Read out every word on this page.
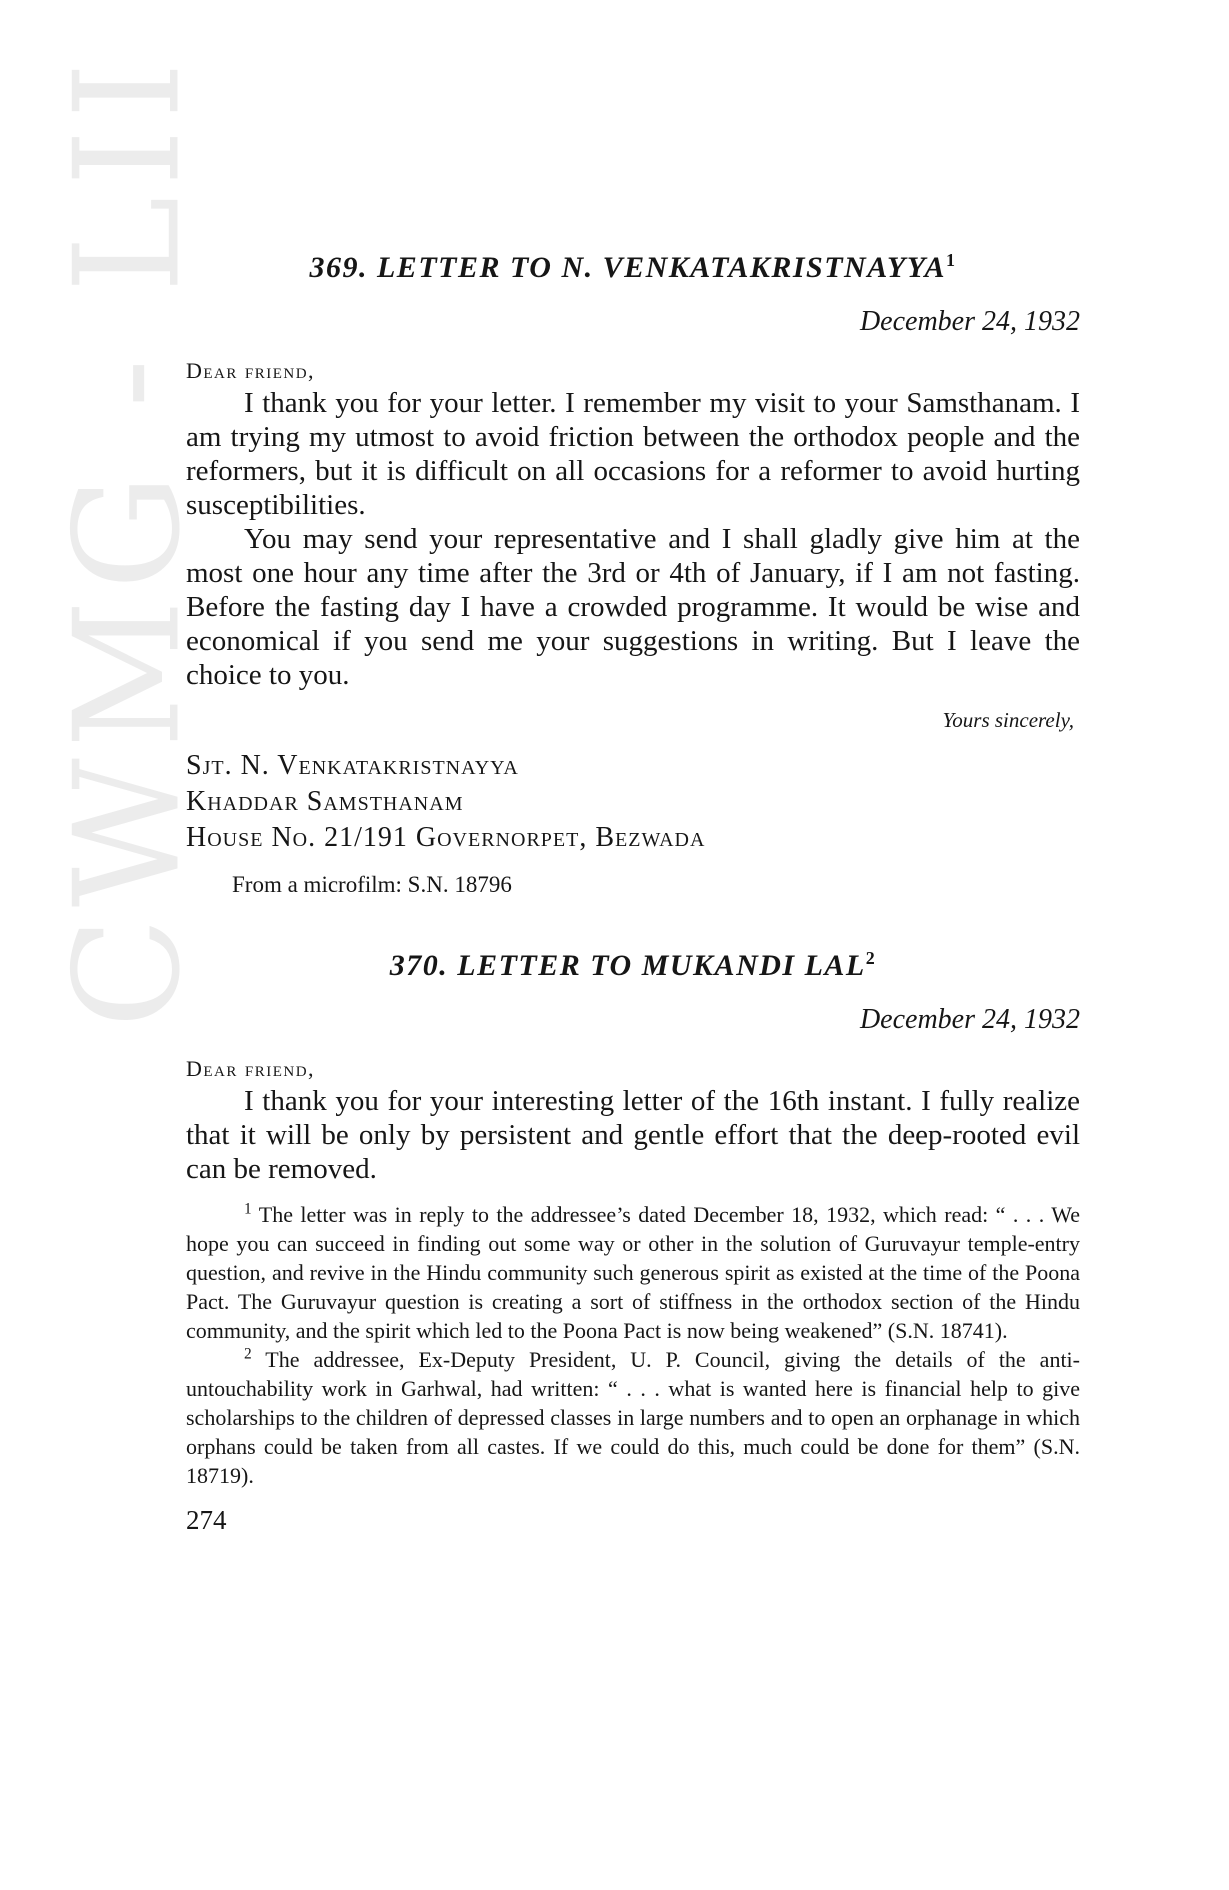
CWMG - LII	369. LETTER TO N. VENKATAKRISTNAYYA$^1$
December 24, 1932
Dear friend,

I thank you for your letter. I remember my visit to your Samsthanam. I am trying my utmost to avoid friction between the orthodox people and the reformers, but it is difficult on all occasions for a reformer to avoid hurting susceptibilities.

You may send your representative and I shall gladly give him at the most one hour any time after the 3rd or 4th of January, if I am not fasting. Before the fasting day I have a crowded programme. It would be wise and economical if you send me your suggestions in writing. But I leave the choice to you.

Yours sincerely,
Sjt. N. Venkatakristnayya
Khaddar Samsthanam
House No. 21/191 Governorpet, Bezwada
From a microfilm: S.N. 18796
370. LETTER TO MUKANDI LAL$^2$
December 24, 1932
Dear friend,

I thank you for your interesting letter of the 16th instant. I fully realize that it will be only by persistent and gentle effort that the deep-rooted evil can be removed.

$^1$ The letter was in reply to the addressee’s dated December 18, 1932, which read: “ . . . We hope you can succeed in finding out some way or other in the solution of Guruvayur temple-entry question, and revive in the Hindu community such generous spirit as existed at the time of the Poona Pact. The Guruvayur question is creating a sort of stiffness in the orthodox section of the Hindu community, and the spirit which led to the Poona Pact is now being weakened” (S.N. 18741).

$^2$ The addressee, Ex-Deputy President, U. P. Council, giving the details of the anti-untouchability work in Garhwal, had written: “ . . . what is wanted here is financial help to give scholarships to the children of depressed classes in large numbers and to open an orphanage in which orphans could be taken from all castes. If we could do this, much could be done for them” (S.N. 18719).

274
